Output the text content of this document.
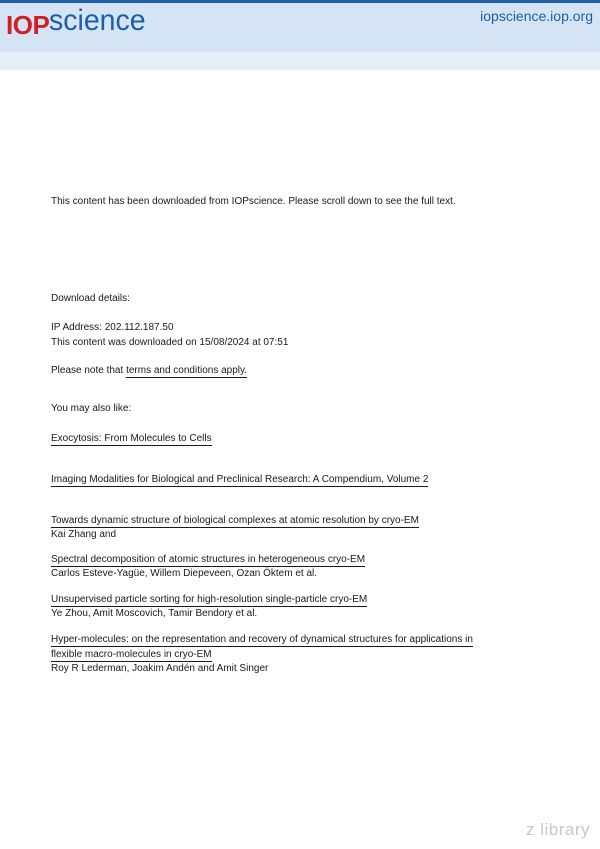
IOPscience	iopscience.iop.org
This content has been downloaded from IOPscience. Please scroll down to see the full text.
Download details:
IP Address: 202.112.187.50
This content was downloaded on 15/08/2024 at 07:51
Please note that terms and conditions apply.
You may also like:
Exocytosis: From Molecules to Cells
Imaging Modalities for Biological and Preclinical Research: A Compendium, Volume 2
Towards dynamic structure of biological complexes at atomic resolution by cryo-EM
Kai Zhang and
Spectral decomposition of atomic structures in heterogeneous cryo-EM
Carlos Esteve-Yagüe, Willem Diepeveen, Ozan Öktem et al.
Unsupervised particle sorting for high-resolution single-particle cryo-EM
Ye Zhou, Amit Moscovich, Tamir Bendory et al.
Hyper-molecules: on the representation and recovery of dynamical structures for applications in
flexible macro-molecules in cryo-EM
Roy R Lederman, Joakim Andén and Amit Singer
z library
